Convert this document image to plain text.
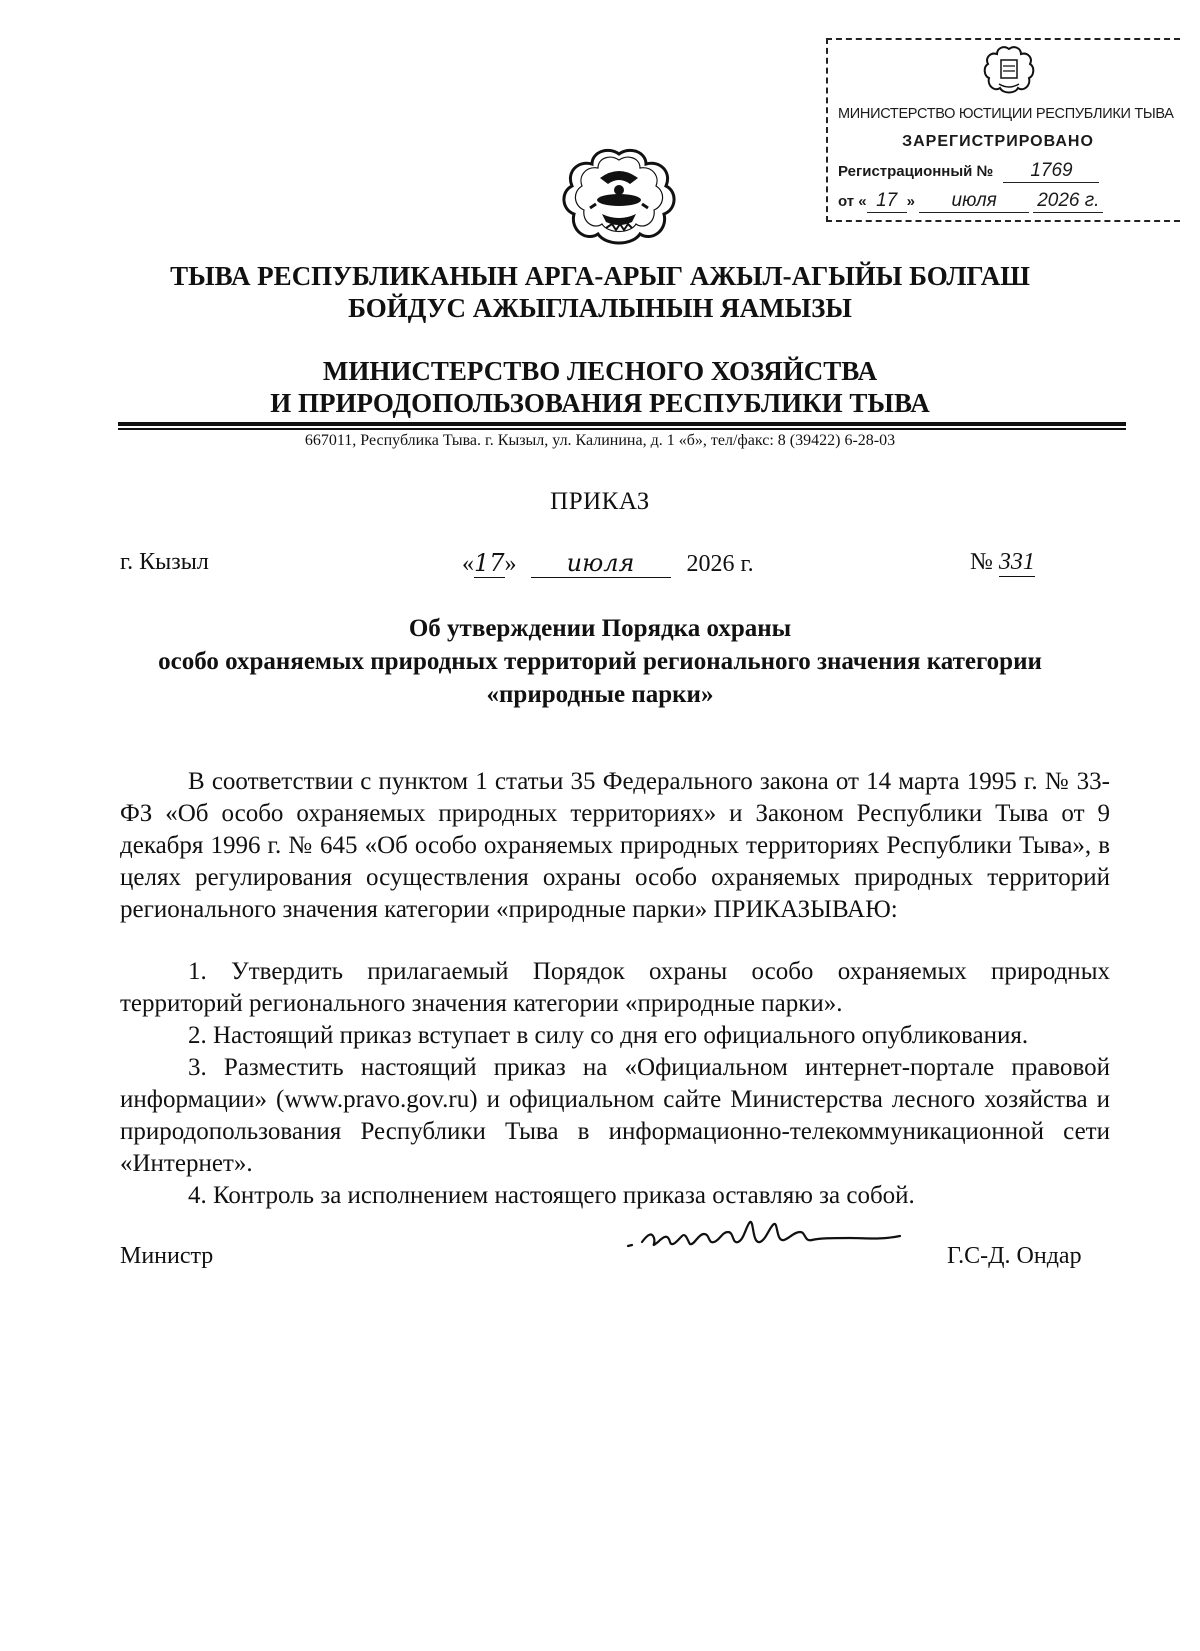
МИНИСТЕРСТВО ЮСТИЦИИ РЕСПУБЛИКИ ТЫВА
ЗАРЕГИСТРИРОВАНО
Регистрационный № 1769
от « 17 » июля 2026 г.
ТЫВА РЕСПУБЛИКАНЫН АРГА-АРЫГ АЖЫЛ-АГЫЙЫ БОЛГАШ
БОЙДУС АЖЫГЛАЛЫНЫН ЯАМЫЗЫ
МИНИСТЕРСТВО ЛЕСНОГО ХОЗЯЙСТВА
И ПРИРОДОПОЛЬЗОВАНИЯ РЕСПУБЛИКИ ТЫВА
667011, Республика Тыва. г. Кызыл, ул. Калинина, д. 1 «б», тел/факс: 8 (39422) 6-28-03
ПРИКАЗ
г. Кызыл	«17» июля 2026 г.	№ 331
Об утверждении Порядка охраны
особо охраняемых природных территорий регионального значения категории
«природные парки»

В соответствии с пунктом 1 статьи 35 Федерального закона от 14 марта 1995 г. № 33-ФЗ «Об особо охраняемых природных территориях» и Законом Республики Тыва от 9 декабря 1996 г. № 645 «Об особо охраняемых природных территориях Республики Тыва», в целях регулирования осуществления охраны особо охраняемых природных территорий регионального значения категории «природные парки» ПРИКАЗЫВАЮ:

1. Утвердить прилагаемый Порядок охраны особо охраняемых природных территорий регионального значения категории «природные парки».

2. Настоящий приказ вступает в силу со дня его официального опубликования.

3. Разместить настоящий приказ на «Официальном интернет-портале правовой информации» (www.pravo.gov.ru) и официальном сайте Министерства лесного хозяйства и природопользования Республики Тыва в информационно-телекоммуникационной сети «Интернет».

4. Контроль за исполнением настоящего приказа оставляю за собой.

Министр	Г.С-Д. Ондар
